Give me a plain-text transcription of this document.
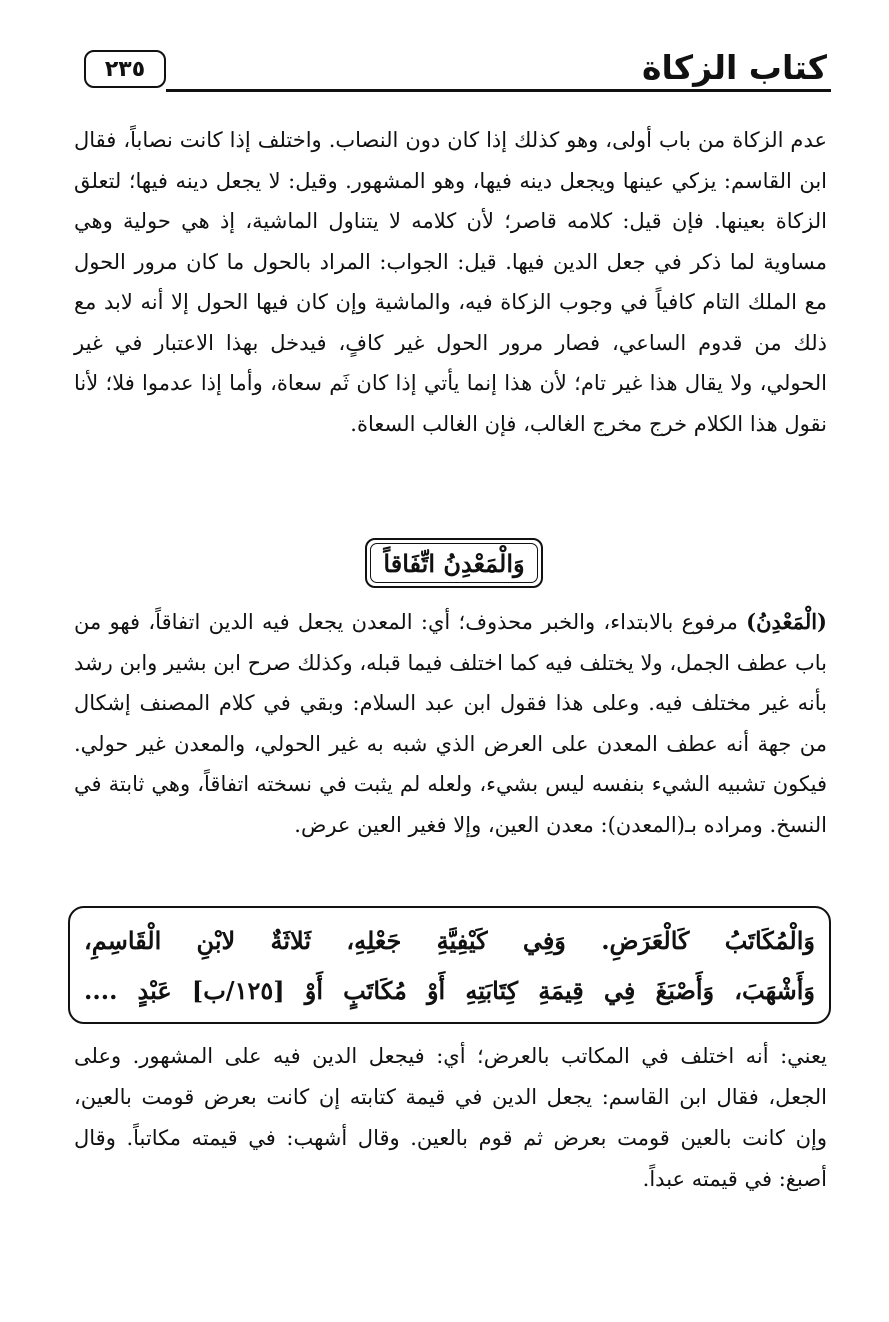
٢٣٥	كتاب الزكاة

عدم الزكاة من باب أولى، وهو كذلك إذا كان دون النصاب. واختلف إذا كانت نصاباً، فقال ابن القاسم: يزكي عينها ويجعل دينه فيها، وهو المشهور. وقيل: لا يجعل دينه فيها؛ لتعلق الزكاة بعينها. فإن قيل: كلامه قاصر؛ لأن كلامه لا يتناول الماشية، إذ هي حولية وهي مساوية لما ذكر في جعل الدين فيها. قيل: الجواب: المراد بالحول ما كان مرور الحول مع الملك التام كافياً في وجوب الزكاة فيه، والماشية وإن كان فيها الحول إلا أنه لابد مع ذلك من قدوم الساعي، فصار مرور الحول غير كافٍ، فيدخل بهذا الاعتبار في غير الحولي، ولا يقال هذا غير تام؛ لأن هذا إنما يأتي إذا كان ثَم سعاة، وأما إذا عدموا فلا؛ لأنا نقول هذا الكلام خرج مخرج الغالب، فإن الغالب السعاة.

وَالْمَعْدِنُ اتِّفَاقاً

(الْمَعْدِنُ) مرفوع بالابتداء، والخبر محذوف؛ أي: المعدن يجعل فيه الدين اتفاقاً، فهو من باب عطف الجمل، ولا يختلف فيه كما اختلف فيما قبله، وكذلك صرح ابن بشير وابن رشد بأنه غير مختلف فيه. وعلى هذا فقول ابن عبد السلام: وبقي في كلام المصنف إشكال من جهة أنه عطف المعدن على العرض الذي شبه به غير الحولي، والمعدن غير حولي. فيكون تشبيه الشيء بنفسه ليس بشيء، ولعله لم يثبت في نسخته اتفاقاً، وهي ثابتة في النسخ. ومراده بـ(المعدن): معدن العين، وإلا فغير العين عرض.

وَالْمُكَاتَبُ كَالْعَرَضِ. وَفِي كَيْفِيَّةِ جَعْلِهِ، ثَلاثَةٌ لابْنِ الْقَاسِمِ،

وَأَشْهَبَ، وَأَصْبَغَ فِي قِيمَةِ كِتَابَتِهِ أَوْ مُكَاتَبٍ أَوْ [١٢٥/ب] عَبْدٍ ....

يعني: أنه اختلف في المكاتب بالعرض؛ أي: فيجعل الدين فيه على المشهور. وعلى الجعل، فقال ابن القاسم: يجعل الدين في قيمة كتابته إن كانت بعرض قومت بالعين، وإن كانت بالعين قومت بعرض ثم قوم بالعين. وقال أشهب: في قيمته مكاتباً. وقال أصبغ: في قيمته عبداً.
